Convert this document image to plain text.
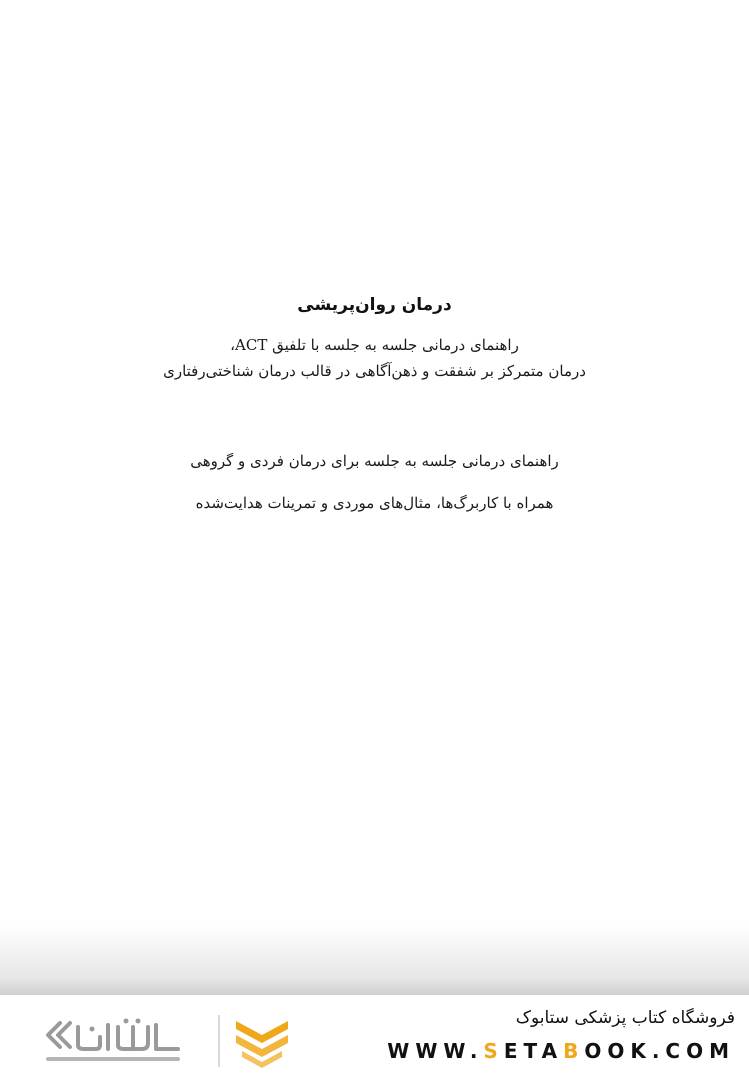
درمان روان‌پریشی
راهنمای درمانی جلسه به جلسه با تلفیق ACT،
درمان متمرکز بر شفقت و ذهن‌آگاهی در قالب درمان شناختی‌رفتاری
راهنمای درمانی جلسه به جلسه برای درمان فردی و گروهی
همراه با کاربرگ‌ها، مثال‌های موردی و تمرینات هدایت‌شده
فروشگاه کتاب پزشکی ستابوک
WWW.SETABOOK.COM
